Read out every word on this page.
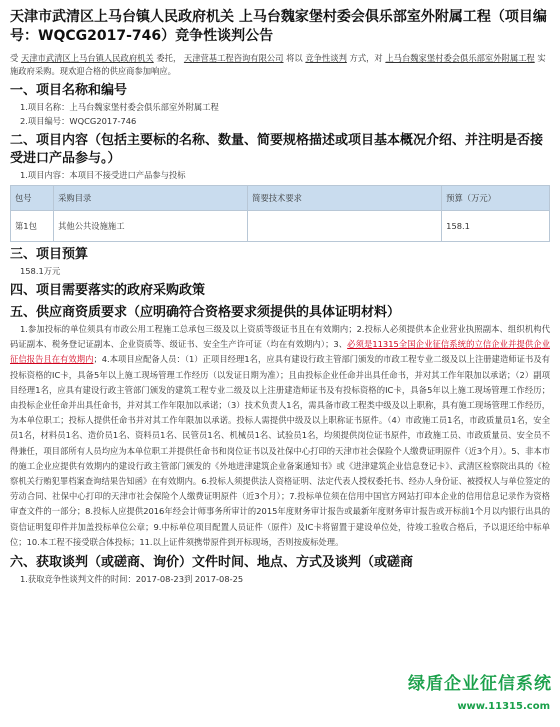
天津市武清区上马台镇人民政府机关 上马台魏家堡村委会俱乐部室外附属工程（项目编号：WQCG2017-746）竞争性谈判公告
受 天津市武清区上马台镇人民政府机关 委托， 天津营基工程咨询有限公司 将以 竞争性谈判 方式，对 上马台魏家堡村委会俱乐部室外附属工程 实施政府采购。现欢迎合格的供应商参加响应。
一、项目名称和编号
1.项目名称：上马台魏家堡村委会俱乐部室外附属工程
2.项目编号：WQCG2017-746
二、项目内容（包括主要标的名称、数量、简要规格描述或项目基本概况介绍、并注明是否接受进口产品参与。）
1.项目内容：本项目不接受进口产品参与投标
包号	采购目录	简要技术要求	预算（万元）
第1包	其他公共设施施工		158.1
三、项目预算
158.1万元
四、项目需要落实的政府采购政策
五、供应商资质要求（应明确符合资格要求须提供的具体证明材料）
1.参加投标的单位须具有市政公用工程施工总承包三级及以上资质等级证书且在有效期内；2.投标人必须提供本企业营业执照副本、组织机构代码证副本、税务登记证副本、企业资质等、级证书、安全生产许可证（均在有效期内）；3、必须是11315全国企业征信系统的立信企业并提供企业征信报告且在有效期内；4.本项目应配备人员：（1）正项目经理1名，应具有建设行政主管部门颁发的市政工程专业二级及以上注册建造师证书及有投标资格的IC卡，具备5年以上施工现场管理工作经历（以发证日期为准）；且由投标企业任命并出具任命书，并对其工作年限加以承诺；（2）副项目经理1名，应具有建设行政主管部门颁发的建筑工程专业二级及以上注册建造师证书及有投标资格的IC卡，具备5年以上施工现场管理工作经历；由投标企业任命并出具任命书，并对其工作年限加以承诺；（3）技术负责人1名，需具备市政工程类中级及以上职称，具有施工现场管理工作经历，为本单位职工；投标人提供任命书并对其工作年限加以承诺。投标人需提供中级及以上职称证书原件。（4）市政施工员1名，市政质量员1名，安全员1名，材料员1名、造价员1名、资料员1名、民管员1名、机械员1名、试验员1名，均须提供岗位证书原件，市政施工员、市政质量员、安全员不得兼任，项目部所有人员均应为本单位职工并提供任命书和岗位证书以及社保中心打印的天津市社会保险个人缴费证明原件（近3个月）。5、非本市的施工企业应提供有效期内的建设行政主管部门颁发的《外地进津建筑企业备案通知书》或《进津建筑企业信息登记卡》、武清区检察院出具的《检察机关行贿犯罪档案查询结果告知函》在有效期内。6.投标人须提供法人资格证明、法定代表人授权委托书、经办人身份证、被授权人与单位签定的劳动合同、社保中心打印的天津市社会保险个人缴费证明原件（近3个月）；7.投标单位须在信用中国官方网站打印本企业的信用信息记录作为资格审查文件的一部分；8.投标人应提供2016年经会计师事务所审计的2015年度财务审计报告或最新年度财务审计报告或开标前1个月以内银行出具的资信证明复印件并加盖投标单位公章；9.中标单位项目配置人员证件（原件）及IC卡将留置于建设单位处，待竣工验收合格后，予以退还给中标单位；10.本工程不接受联合体投标；11.以上证件须携带原件到开标现场，否则按废标处理。
六、获取谈判（或磋商、询价）文件时间、地点、方式及谈判（或磋商
1.获取竞争性谈判文件的时间：2017-08-23到 2017-08-25
绿盾企业征信系统
www.11315.com
